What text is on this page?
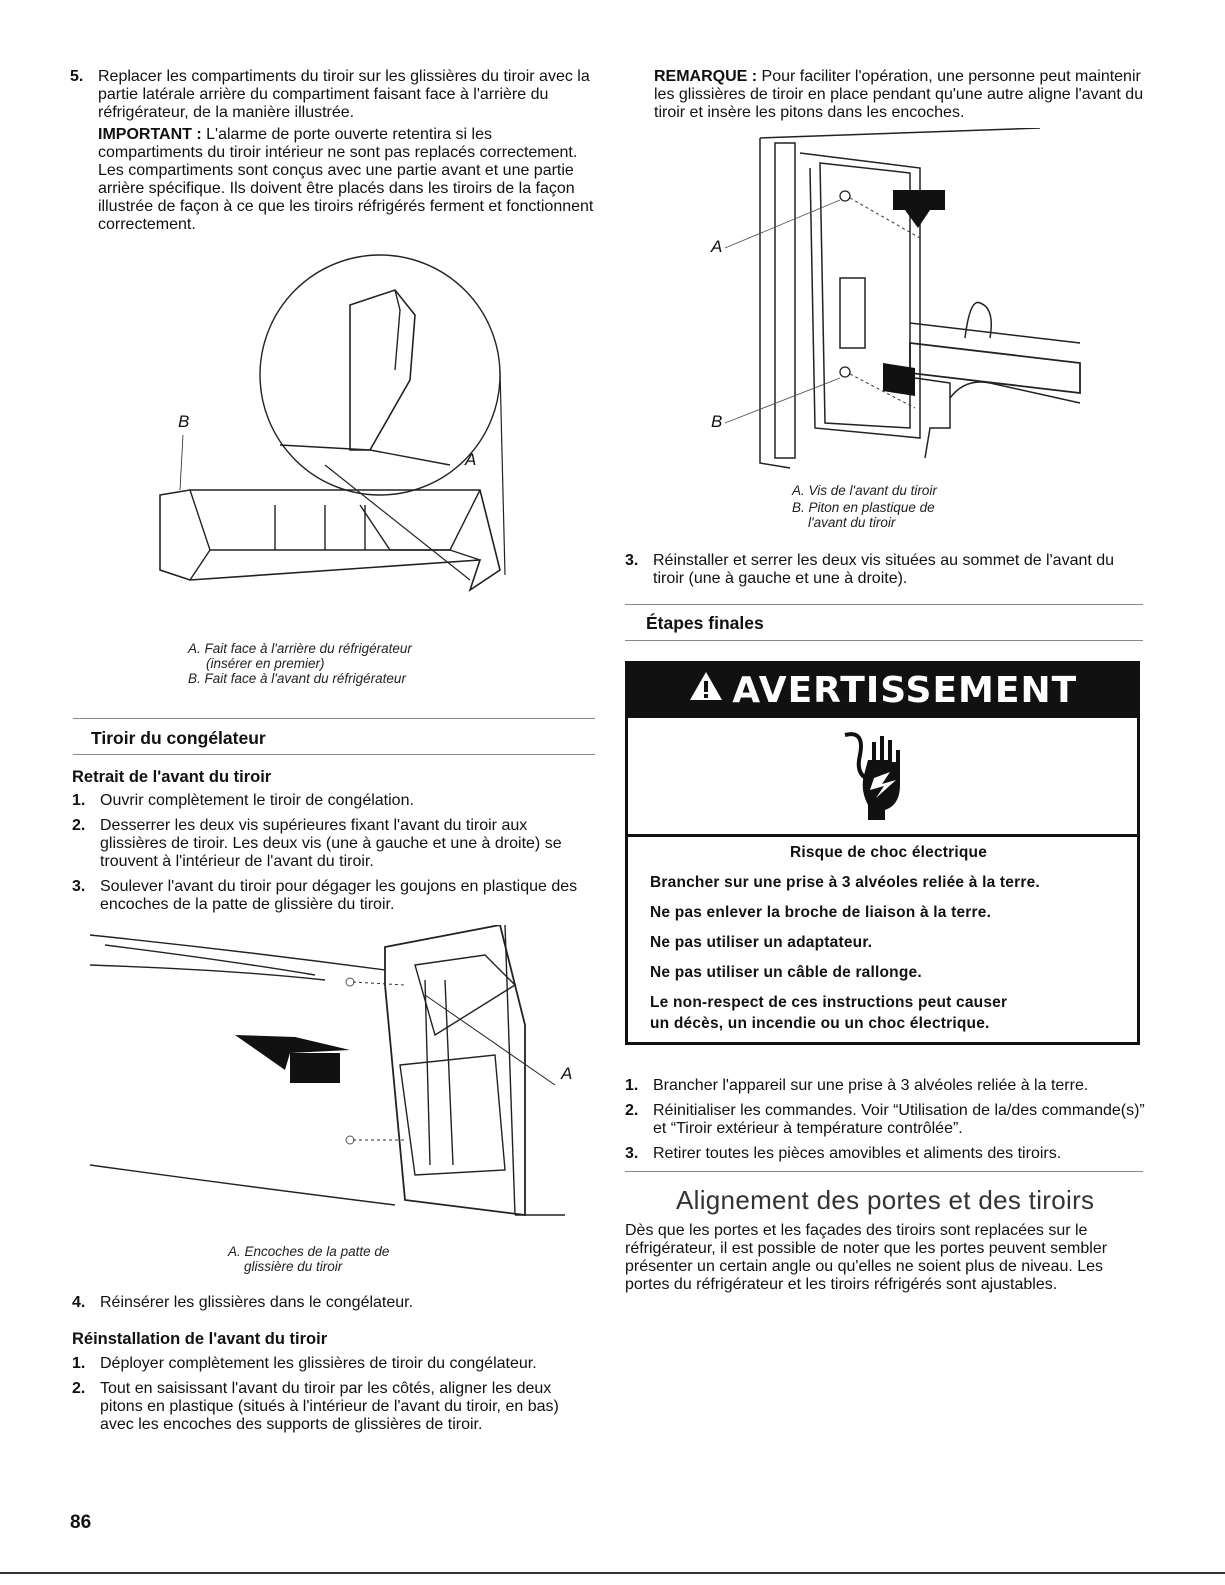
5. Replacer les compartiments du tiroir sur les glissières du tiroir avec la partie latérale arrière du compartiment faisant face à l'arrière du réfrigérateur, de la manière illustrée.
IMPORTANT : L'alarme de porte ouverte retentira si les compartiments du tiroir intérieur ne sont pas replacés correctement. Les compartiments sont conçus avec une partie avant et une partie arrière spécifique. Ils doivent être placés dans les tiroirs de la façon illustrée de façon à ce que les tiroirs réfrigérés ferment et fonctionnent correctement.
B
A
A. Fait face à l'arrière du réfrigérateur
(insérer en premier)
B. Fait face à l'avant du réfrigérateur
Tiroir du congélateur
Retrait de l'avant du tiroir
1. Ouvrir complètement le tiroir de congélation.
2. Desserrer les deux vis supérieures fixant l'avant du tiroir aux glissières de tiroir. Les deux vis (une à gauche et une à droite) se trouvent à l'intérieur de l'avant du tiroir.
3. Soulever l'avant du tiroir pour dégager les goujons en plastique des encoches de la patte de glissière du tiroir.
A
A. Encoches de la patte de
glissière du tiroir
4. Réinsérer les glissières dans le congélateur.
Réinstallation de l'avant du tiroir
1. Déployer complètement les glissières de tiroir du congélateur.
2. Tout en saisissant l'avant du tiroir par les côtés, aligner les deux pitons en plastique (situés à l'intérieur de l'avant du tiroir, en bas) avec les encoches des supports de glissières de tiroir.
86
REMARQUE : Pour faciliter l'opération, une personne peut maintenir les glissières de tiroir en place pendant qu'une autre aligne l'avant du tiroir et insère les pitons dans les encoches.
A
B
A. Vis de l'avant du tiroir
B. Piton en plastique de
l'avant du tiroir
3. Réinstaller et serrer les deux vis situées au sommet de l'avant du tiroir (une à gauche et une à droite).
Étapes finales
AVERTISSEMENT
Risque de choc électrique
Brancher sur une prise à 3 alvéoles reliée à la terre.
Ne pas enlever la broche de liaison à la terre.
Ne pas utiliser un adaptateur.
Ne pas utiliser un câble de rallonge.
Le non-respect de ces instructions peut causer
un décès, un incendie ou un choc électrique.
1. Brancher l'appareil sur une prise à 3 alvéoles reliée à la terre.
2. Réinitialiser les commandes. Voir “Utilisation de la/des commande(s)” et “Tiroir extérieur à température contrôlée”.
3. Retirer toutes les pièces amovibles et aliments des tiroirs.
Alignement des portes et des tiroirs
Dès que les portes et les façades des tiroirs sont replacées sur le réfrigérateur, il est possible de noter que les portes peuvent sembler présenter un certain angle ou qu'elles ne soient plus de niveau. Les portes du réfrigérateur et les tiroirs réfrigérés sont ajustables.
